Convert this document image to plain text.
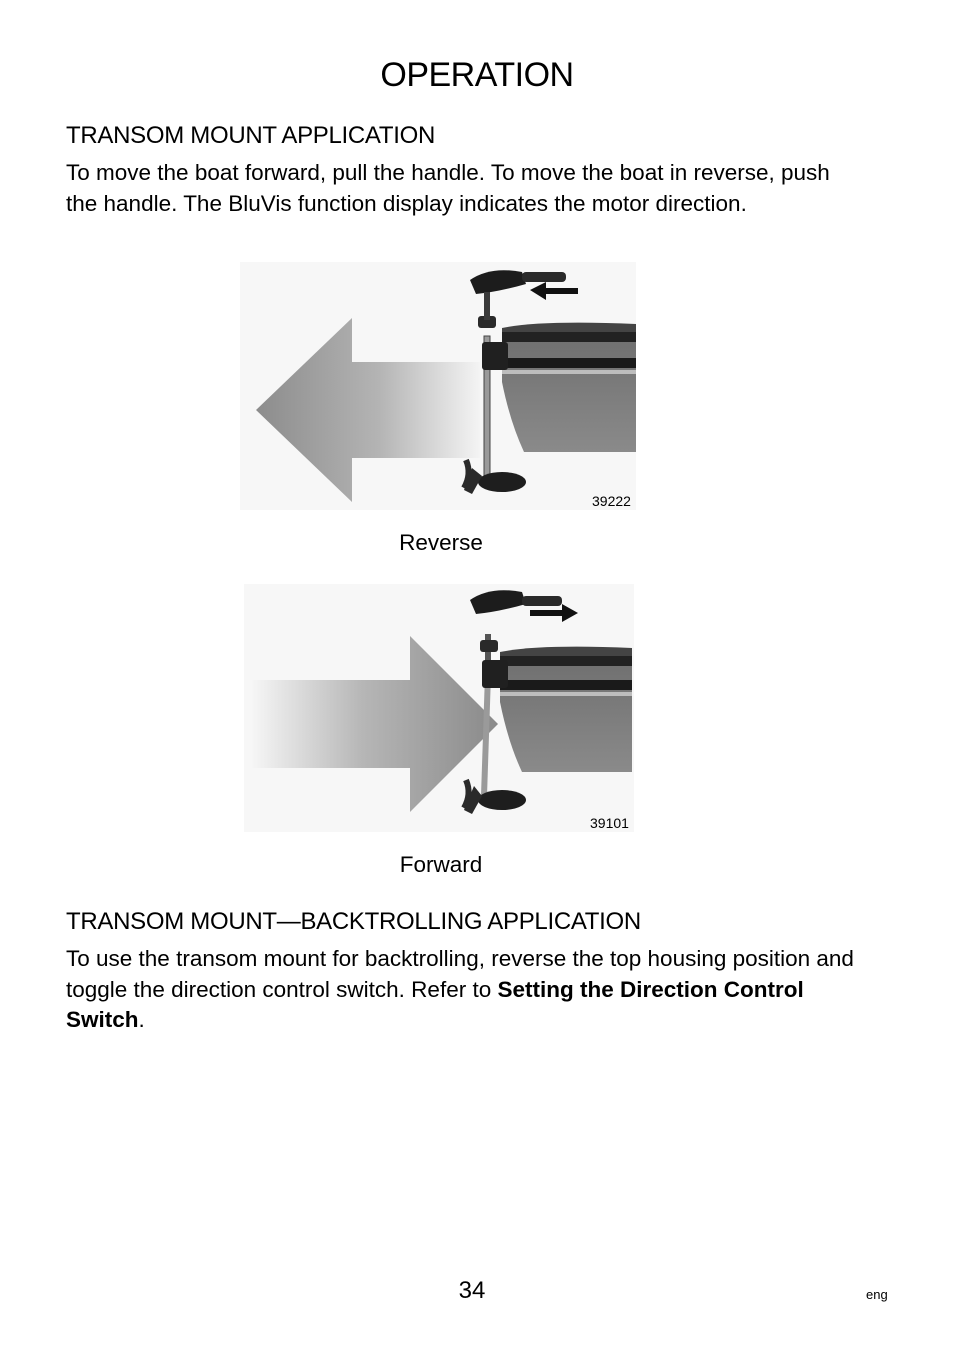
OPERATION
TRANSOM MOUNT APPLICATION
To move the boat forward, pull the handle. To move the boat in reverse, push the handle. The BluVis function display indicates the motor direction.
39222
Reverse
39101
Forward
TRANSOM MOUNT—BACKTROLLING APPLICATION
To use the transom mount for backtrolling, reverse the top housing position and toggle the direction control switch. Refer to Setting the Direction Control Switch.
34	eng
